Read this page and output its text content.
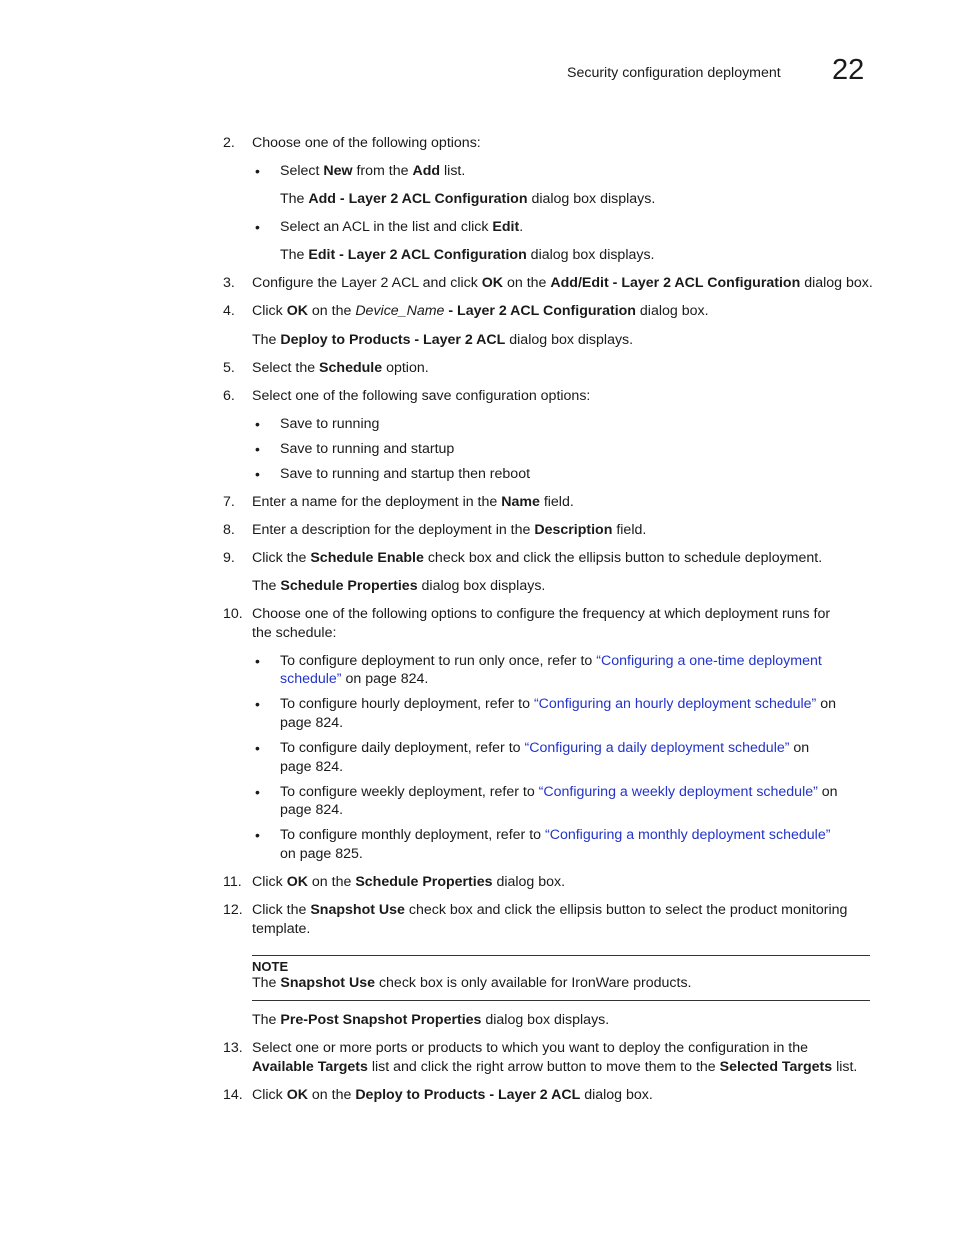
Security configuration deployment 22
2.	Choose one of the following options:
• Select New from the Add list.
The Add - Layer 2 ACL Configuration dialog box displays.
• Select an ACL in the list and click Edit.
The Edit - Layer 2 ACL Configuration dialog box displays.
3.	Configure the Layer 2 ACL and click OK on the Add/Edit - Layer 2 ACL Configuration dialog box.
4.	Click OK on the Device_Name - Layer 2 ACL Configuration dialog box.
The Deploy to Products - Layer 2 ACL dialog box displays.
5.	Select the Schedule option.
6.	Select one of the following save configuration options:
• Save to running
• Save to running and startup
• Save to running and startup then reboot
7.	Enter a name for the deployment in the Name field.
8.	Enter a description for the deployment in the Description field.
9.	Click the Schedule Enable check box and click the ellipsis button to schedule deployment.
The Schedule Properties dialog box displays.
10. Choose one of the following options to configure the frequency at which deployment runs for
the schedule:
• To configure deployment to run only once, refer to “Configuring a one-time deployment
schedule” on page 824.
• To configure hourly deployment, refer to “Configuring an hourly deployment schedule” on
page 824.
• To configure daily deployment, refer to “Configuring a daily deployment schedule” on
page 824.
• To configure weekly deployment, refer to “Configuring a weekly deployment schedule” on
page 824.
• To configure monthly deployment, refer to “Configuring a monthly deployment schedule”
on page 825.
11. Click OK on the Schedule Properties dialog box.
12. Click the Snapshot Use check box and click the ellipsis button to select the product monitoring
template.
NOTE
The Snapshot Use check box is only available for IronWare products.
The Pre-Post Snapshot Properties dialog box displays.
13. Select one or more ports or products to which you want to deploy the configuration in the
Available Targets list and click the right arrow button to move them to the Selected Targets list.
14. Click OK on the Deploy to Products - Layer 2 ACL dialog box.
